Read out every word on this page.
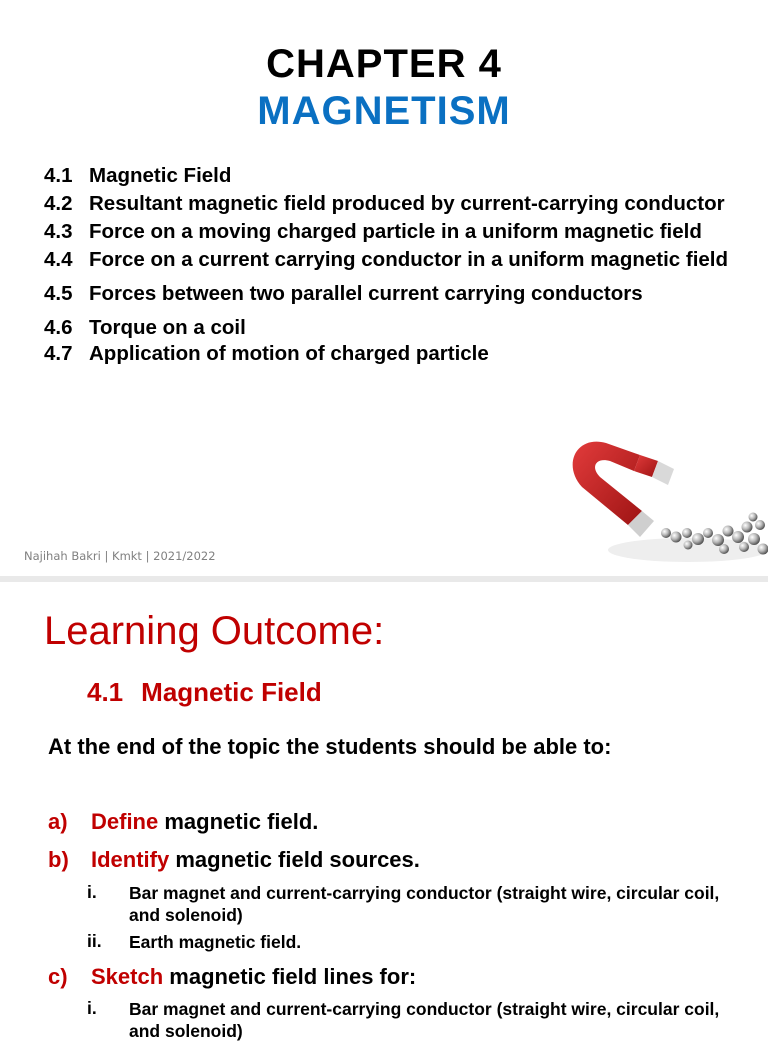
CHAPTER 4
MAGNETISM
4.1 Magnetic Field
4.2 Resultant magnetic field produced by current-carrying conductor
4.3 Force on a moving charged particle in a uniform magnetic field
4.4 Force on a current carrying conductor in a uniform magnetic field
4.5 Forces between two parallel current carrying conductors
4.6 Torque on a coil
4.7 Application of motion of charged particle
Najihah Bakri | Kmkt | 2021/2022
Learning Outcome:
4.1 Magnetic Field
At the end of the topic the students should be able to:
a) Define magnetic field.
b) Identify magnetic field sources.
i.	Bar magnet and current-carrying conductor (straight wire, circular coil, and solenoid)
ii.	Earth magnetic field.
c) Sketch magnetic field lines for:
i.	Bar magnet and current-carrying conductor (straight wire, circular coil, and solenoid)
